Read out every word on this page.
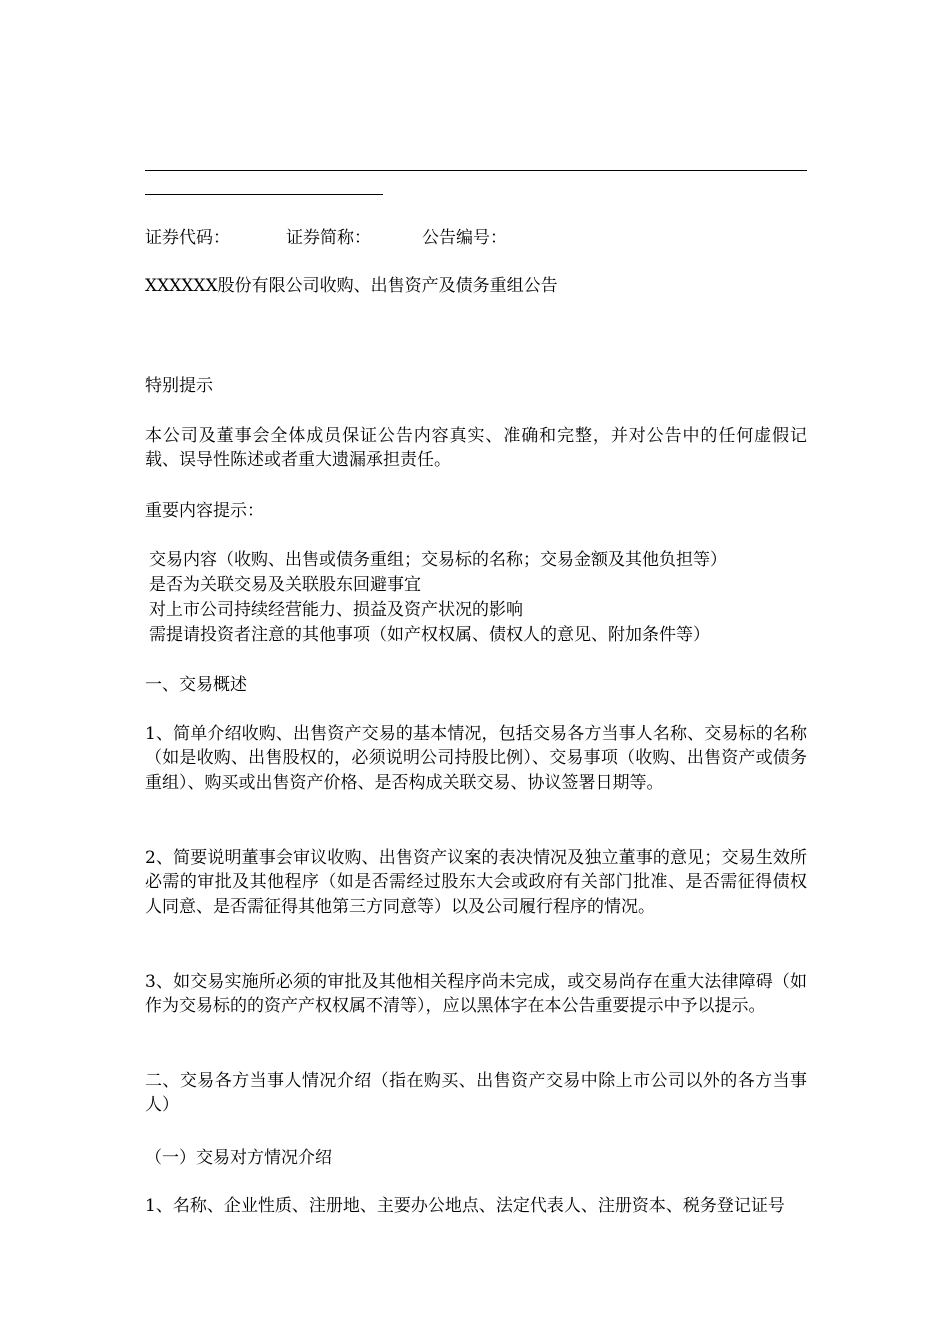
证券代码：	证券简称：	公告编号：
XXXXXX股份有限公司收购、出售资产及债务重组公告
特别提示
本公司及董事会全体成员保证公告内容真实、准确和完整，并对公告中的任何虚假记载、误导性陈述或者重大遗漏承担责任。
重要内容提示：
交易内容（收购、出售或债务重组；交易标的名称；交易金额及其他负担等）
是否为关联交易及关联股东回避事宜
对上市公司持续经营能力、损益及资产状况的影响
需提请投资者注意的其他事项（如产权权属、债权人的意见、附加条件等）
一、交易概述
1、简单介绍收购、出售资产交易的基本情况，包括交易各方当事人名称、交易标的名称（如是收购、出售股权的，必须说明公司持股比例）、交易事项（收购、出售资产或债务重组）、购买或出售资产价格、是否构成关联交易、协议签署日期等。
2、简要说明董事会审议收购、出售资产议案的表决情况及独立董事的意见；交易生效所必需的审批及其他程序（如是否需经过股东大会或政府有关部门批准、是否需征得债权人同意、是否需征得其他第三方同意等）以及公司履行程序的情况。
3、如交易实施所必须的审批及其他相关程序尚未完成，或交易尚存在重大法律障碍（如作为交易标的的资产产权权属不清等），应以黑体字在本公告重要提示中予以提示。
二、交易各方当事人情况介绍（指在购买、出售资产交易中除上市公司以外的各方当事人）
（一）交易对方情况介绍
1、名称、企业性质、注册地、主要办公地点、法定代表人、注册资本、税务登记证号
